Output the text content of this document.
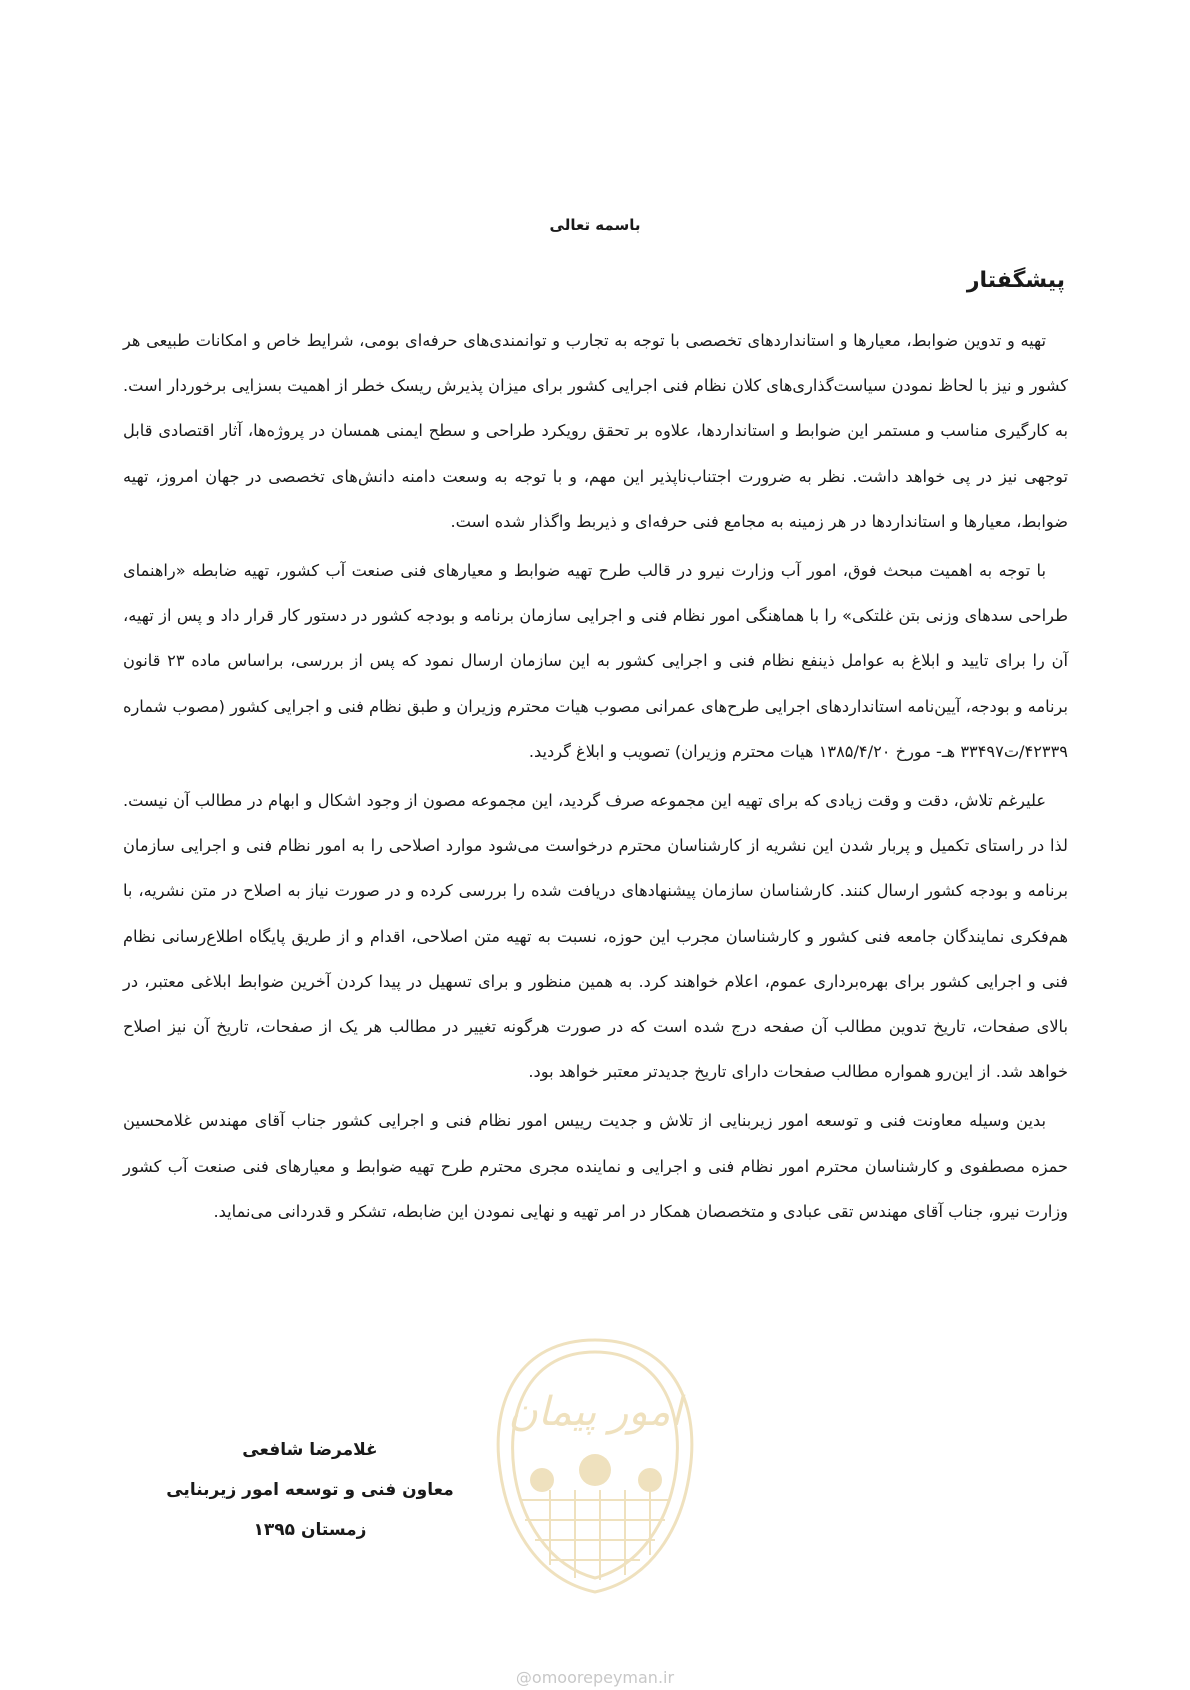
باسمه تعالی
پیشگفتار

تهیه و تدوین ضوابط، معیارها و استانداردهای تخصصی با توجه به تجارب و توانمندی‌های حرفه‌ای بومی، شرایط خاص و امکانات طبیعی هر کشور و نیز با لحاظ نمودن سیاست‌گذاری‌های کلان نظام فنی اجرایی کشور برای میزان پذیرش ریسک خطر از اهمیت بسزایی برخوردار است. به کارگیری مناسب و مستمر این ضوابط و استانداردها، علاوه بر تحقق رویکرد طراحی و سطح ایمنی همسان در پروژه‌ها، آثار اقتصادی قابل توجهی نیز در پی خواهد داشت. نظر به ضرورت اجتناب‌ناپذیر این مهم، و با توجه به وسعت دامنه دانش‌های تخصصی در جهان امروز، تهیه ضوابط، معیارها و استانداردها در هر زمینه به مجامع فنی حرفه‌ای و ذیربط واگذار شده است.

با توجه به اهمیت مبحث فوق، امور آب وزارت نیرو در قالب طرح تهیه ضوابط و معیارهای فنی صنعت آب کشور، تهیه ضابطه «راهنمای طراحی سدهای وزنی بتن غلتکی» را با هماهنگی امور نظام فنی و اجرایی سازمان برنامه و بودجه کشور در دستور کار قرار داد و پس از تهیه، آن را برای تایید و ابلاغ به عوامل ذینفع نظام فنی و اجرایی کشور به این سازمان ارسال نمود که پس از بررسی، براساس ماده ۲۳ قانون برنامه و بودجه، آیین‌نامه استانداردهای اجرایی طرح‌های عمرانی مصوب هیات محترم وزیران و طبق نظام فنی و اجرایی کشور (مصوب شماره ۴۲۳۳۹/ت۳۳۴۹۷ هـ- مورخ ۱۳۸۵/۴/۲۰ هیات محترم وزیران) تصویب و ابلاغ گردید.

علیرغم تلاش، دقت و وقت زیادی که برای تهیه این مجموعه صرف گردید، این مجموعه مصون از وجود اشکال و ابهام در مطالب آن نیست. لذا در راستای تکمیل و پربار شدن این نشریه از کارشناسان محترم درخواست می‌شود موارد اصلاحی را به امور نظام فنی و اجرایی سازمان برنامه و بودجه کشور ارسال کنند. کارشناسان سازمان پیشنهادهای دریافت شده را بررسی کرده و در صورت نیاز به اصلاح در متن نشریه، با هم‌فکری نمایندگان جامعه فنی کشور و کارشناسان مجرب این حوزه، نسبت به تهیه متن اصلاحی، اقدام و از طریق پایگاه اطلاع‌رسانی نظام فنی و اجرایی کشور برای بهره‌برداری عموم، اعلام خواهند کرد. به همین منظور و برای تسهیل در پیدا کردن آخرین ضوابط ابلاغی معتبر، در بالای صفحات، تاریخ تدوین مطالب آن صفحه درج شده است که در صورت هرگونه تغییر در مطالب هر یک از صفحات، تاریخ آن نیز اصلاح خواهد شد. از این‌رو همواره مطالب صفحات دارای تاریخ جدیدتر معتبر خواهد بود.

بدین وسیله معاونت فنی و توسعه امور زیربنایی از تلاش و جدیت رییس امور نظام فنی و اجرایی کشور جناب آقای مهندس غلامحسین حمزه مصطفوی و کارشناسان محترم امور نظام فنی و اجرایی و نماینده مجری محترم طرح تهیه ضوابط و معیارهای فنی صنعت آب کشور وزارت نیرو، جناب آقای مهندس تقی عبادی و متخصصان همکار در امر تهیه و نهایی نمودن این ضابطه، تشکر و قدردانی می‌نماید.

غلامرضا شافعی
معاون فنی و توسعه امور زیربنایی
زمستان ۱۳۹۵
امور پیمان
@omoorepeyman.ir
